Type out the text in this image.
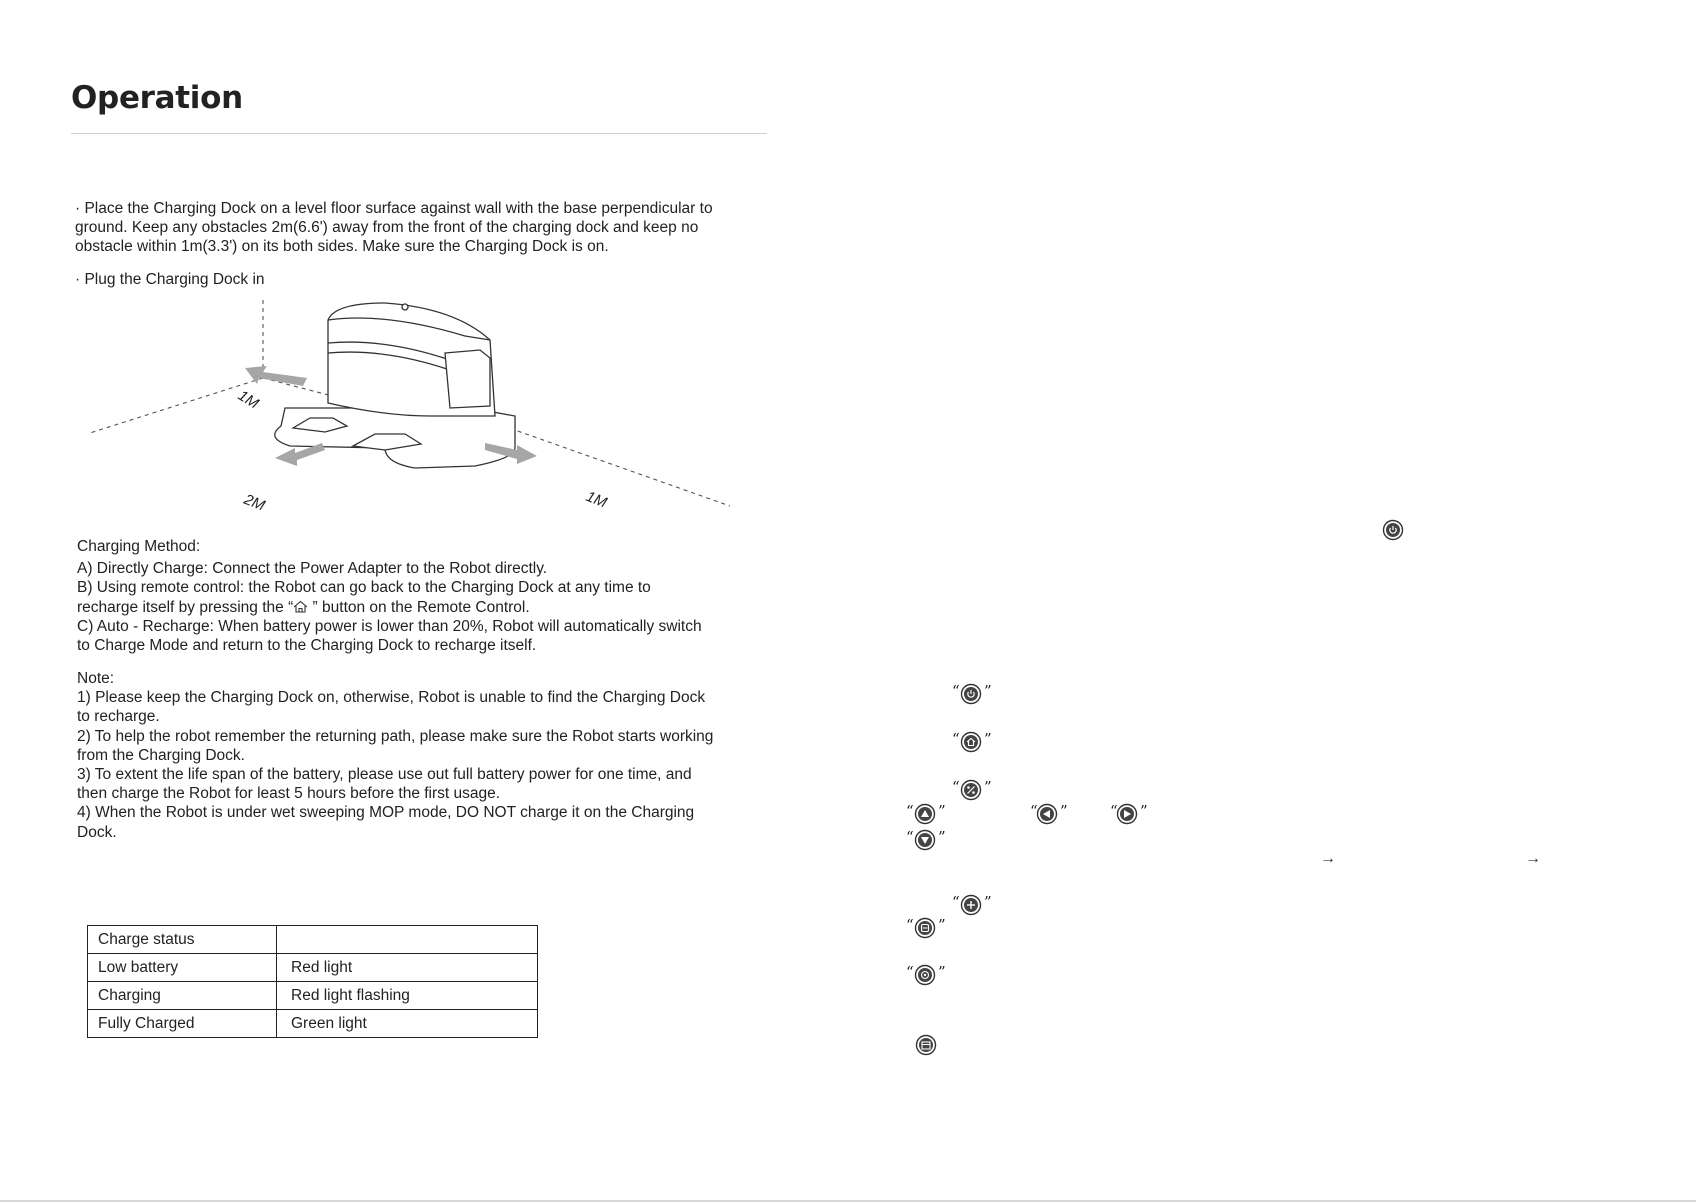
Operation

· Place the Charging Dock on a level floor surface against wall with the base perpendicular to

ground. Keep any obstacles 2m(6.6') away from the front of the charging dock and keep no

obstacle within 1m(3.3') on its both sides. Make sure the Charging Dock is on.

· Plug the Charging Dock in

1M
2M	1M

Charging Method:

A) Directly Charge: Connect the Power Adapter to the Robot directly.

B) Using remote control: the Robot can go back to the Charging Dock at any time to

recharge itself by pressing the “ ” button on the Remote Control.

C) Auto - Recharge: When battery power is lower than 20%, Robot will automatically switch

to Charge Mode and return to the Charging Dock to recharge itself.

Note:

1) Please keep the Charging Dock on, otherwise, Robot is unable to find the Charging Dock

to recharge.

2) To help the robot remember the returning path, please make sure the Robot starts working

from the Charging Dock.

3) To extent the life span of the battery, please use out full battery power for one time, and

then charge the Robot for least 5 hours before the first usage.

4) When the Robot is under wet sweeping MOP mode, DO NOT charge it on the Charging

Dock.

Charge status	
Low battery	Red light
Charging	Red light flashing
Fully Charged	Green light
“ ”
“ ”
“ ”
“ ”	“ ”	“ ”
“ ”
→	→
“ ”
“ ”
“ ”
